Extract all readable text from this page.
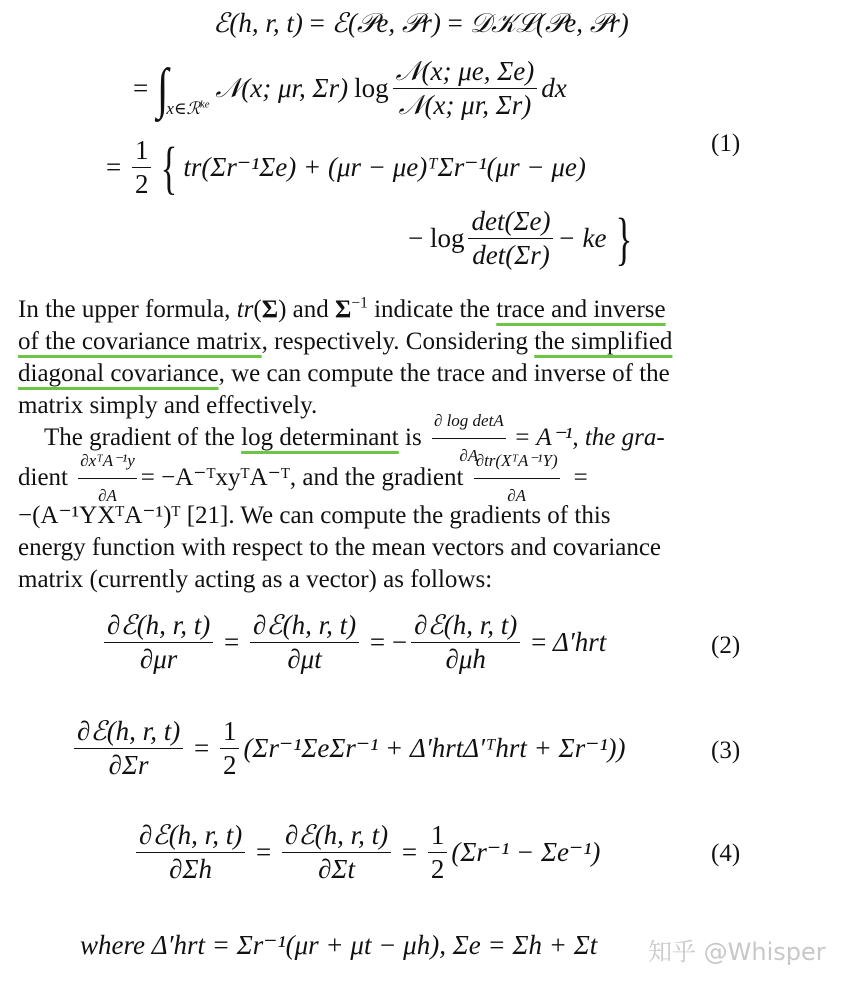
ℰ(h, r, t) = ℰ(𝒫e, 𝒫r) = 𝒟𝒦ℒ(𝒫e, 𝒫r)
= ∫
x∈ℛ$^{ke}$
𝒩(x; μr, Σr) $\log \frac{\text{𝒩(x; μe, Σe)}}{\text{𝒩(x; μr, Σr)}}$ dx
= $\frac{1}{2}$ { tr(Σr⁻¹Σe) + (μr − μe)ᵀΣr⁻¹(μr − μe)
(1)
− $\log \frac{\det(\Sigma e)}{\det(\Sigma r)}$ − ke }
In the upper formula, tr(Σ) and $\Sigma^{-1}$ indicate the trace and inverse
of the covariance matrix, respectively. Considering the simplified
diagonal covariance, we can compute the trace and inverse of the
matrix simply and effectively.
The gradient of the log determinant is $\frac{\text{∂ log detA}}{\partial A} = A^{-1}$, the gra-
dient $\frac{\text{∂xᵀA⁻¹y}}{\partial A}$ = −A⁻ᵀxyᵀA⁻ᵀ, and the gradient $\frac{\text{∂tr(XᵀA⁻¹Y)}}{\partial A}$ =
−(A⁻¹YXᵀA⁻¹)ᵀ [21]. We can compute the gradients of this
energy function with respect to the mean vectors and covariance
matrix (currently acting as a vector) as follows:
$\frac{\text{∂ℰ(h, r, t)}}{\partial\mu r} = \frac{\text{∂ℰ(h, r, t)}}{\partial\mu t}$ = − $\frac{\text{∂ℰ(h, r, t)}}{\partial\mu h} = \Delta'hrt$	(2)
$\frac{\text{∂ℰ(h, r, t)}}{\partial\Sigma r} = \frac{1}{2} (\Sigma r^{-1}\Sigma e\Sigma r^{-1}$ + Δ′hrtΔ′ᵀhrt + Σr⁻¹))	(3)
$\frac{\text{∂ℰ(h, r, t)}}{\partial\Sigma h} = \frac{\text{∂ℰ(h, r, t)}}{\partial\Sigma t} = \frac{1}{2} (\Sigma r^{-1} - \Sigma e^{-1})$	(4)
where Δ′hrt = Σr⁻¹(μr + μt − μh), Σe = Σh + Σt 知乎 @Whisper
